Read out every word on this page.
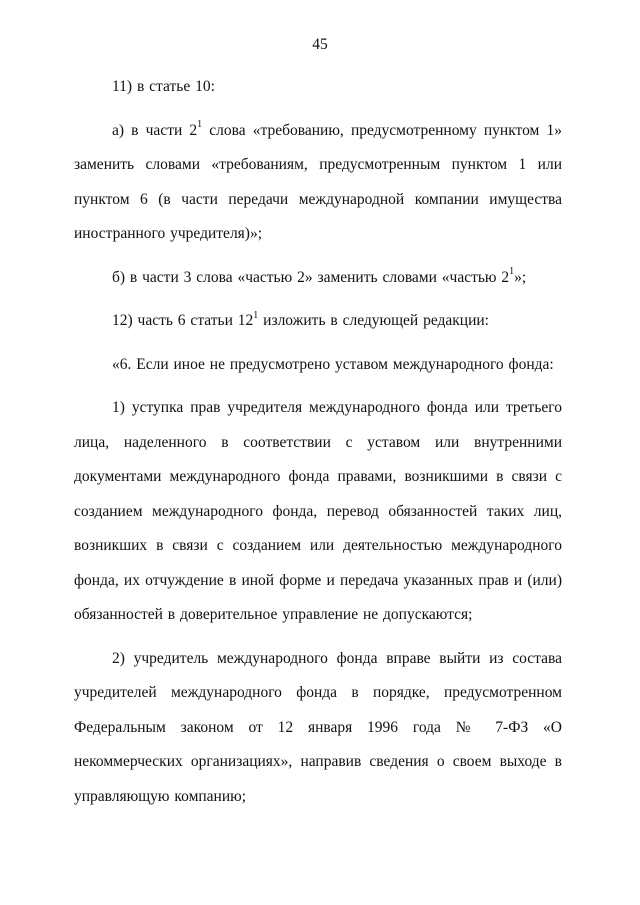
45

11) в статье 10:

а) в части $2^1$ слова «требованию, предусмотренному пунктом 1» заменить словами «требованиям, предусмотренным пунктом 1 или пунктом 6 (в части передачи международной компании имущества иностранного учредителя)»;

б) в части 3 слова «частью 2» заменить словами «частью $2^1$»;

12) часть 6 статьи $12^1$ изложить в следующей редакции:

«6. Если иное не предусмотрено уставом международного фонда:

1) уступка прав учредителя международного фонда или третьего лица, наделенного в соответствии с уставом или внутренними документами международного фонда правами, возникшими в связи с созданием международного фонда, перевод обязанностей таких лиц, возникших в связи с созданием или деятельностью международного фонда, их отчуждение в иной форме и передача указанных прав и (или) обязанностей в доверительное управление не допускаются;

2) учредитель международного фонда вправе выйти из состава учредителей международного фонда в порядке, предусмотренном Федеральным законом от 12 января 1996 года № 7-ФЗ «О некоммерческих организациях», направив сведения о своем выходе в управляющую компанию;
